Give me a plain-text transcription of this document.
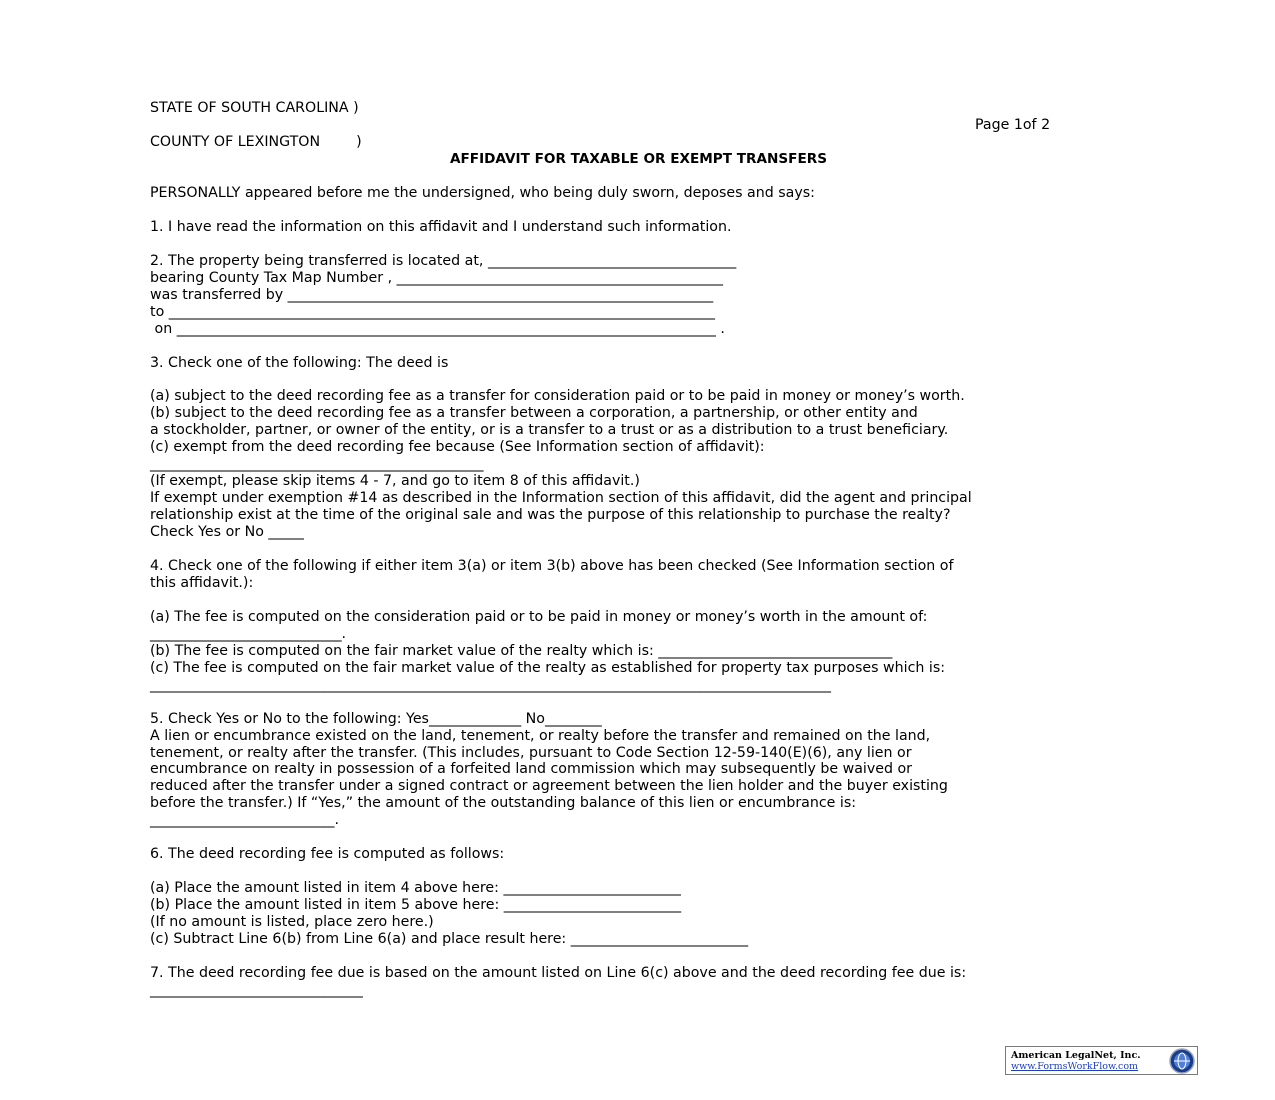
STATE OF SOUTH CAROLINA )
Page 1of 2
COUNTY OF LEXINGTON        )
AFFIDAVIT FOR TAXABLE OR EXEMPT TRANSFERS
PERSONALLY appeared before me the undersigned, who being duly sworn, deposes and says:
1. I have read the information on this affidavit and I understand such information.
2. The property being transferred is located at, ___________________________________
bearing County Tax Map Number , ______________________________________________
was transferred by ____________________________________________________________
to _____________________________________________________________________________
on ____________________________________________________________________________ .
3. Check one of the following: The deed is
(a) subject to the deed recording fee as a transfer for consideration paid or to be paid in money or money’s worth.
(b) subject to the deed recording fee as a transfer between a corporation, a partnership, or other entity and
a stockholder, partner, or owner of the entity, or is a transfer to a trust or as a distribution to a trust beneficiary.
(c) exempt from the deed recording fee because (See Information section of affidavit):
_______________________________________________
(If exempt, please skip items 4 - 7, and go to item 8 of this affidavit.)
If exempt under exemption #14 as described in the Information section of this affidavit, did the agent and principal
relationship exist at the time of the original sale and was the purpose of this relationship to purchase the realty?
Check Yes or No _____
4. Check one of the following if either item 3(a) or item 3(b) above has been checked (See Information section of
this affidavit.):
(a) The fee is computed on the consideration paid or to be paid in money or money’s worth in the amount of:
___________________________.
(b) The fee is computed on the fair market value of the realty which is: _________________________________
(c) The fee is computed on the fair market value of the realty as established for property tax purposes which is:
________________________________________________________________________________________________
5. Check Yes or No to the following: Yes_____________ No________
A lien or encumbrance existed on the land, tenement, or realty before the transfer and remained on the land,
tenement, or realty after the transfer. (This includes, pursuant to Code Section 12-59-140(E)(6), any lien or
encumbrance on realty in possession of a forfeited land commission which may subsequently be waived or
reduced after the transfer under a signed contract or agreement between the lien holder and the buyer existing
before the transfer.) If “Yes,” the amount of the outstanding balance of this lien or encumbrance is:
__________________________.
6. The deed recording fee is computed as follows:
(a) Place the amount listed in item 4 above here: _________________________
(b) Place the amount listed in item 5 above here: _________________________
(If no amount is listed, place zero here.)
(c) Subtract Line 6(b) from Line 6(a) and place result here: _________________________
7. The deed recording fee due is based on the amount listed on Line 6(c) above and the deed recording fee due is:
______________________________
American LegalNet, Inc.
www.FormsWorkFlow.com
